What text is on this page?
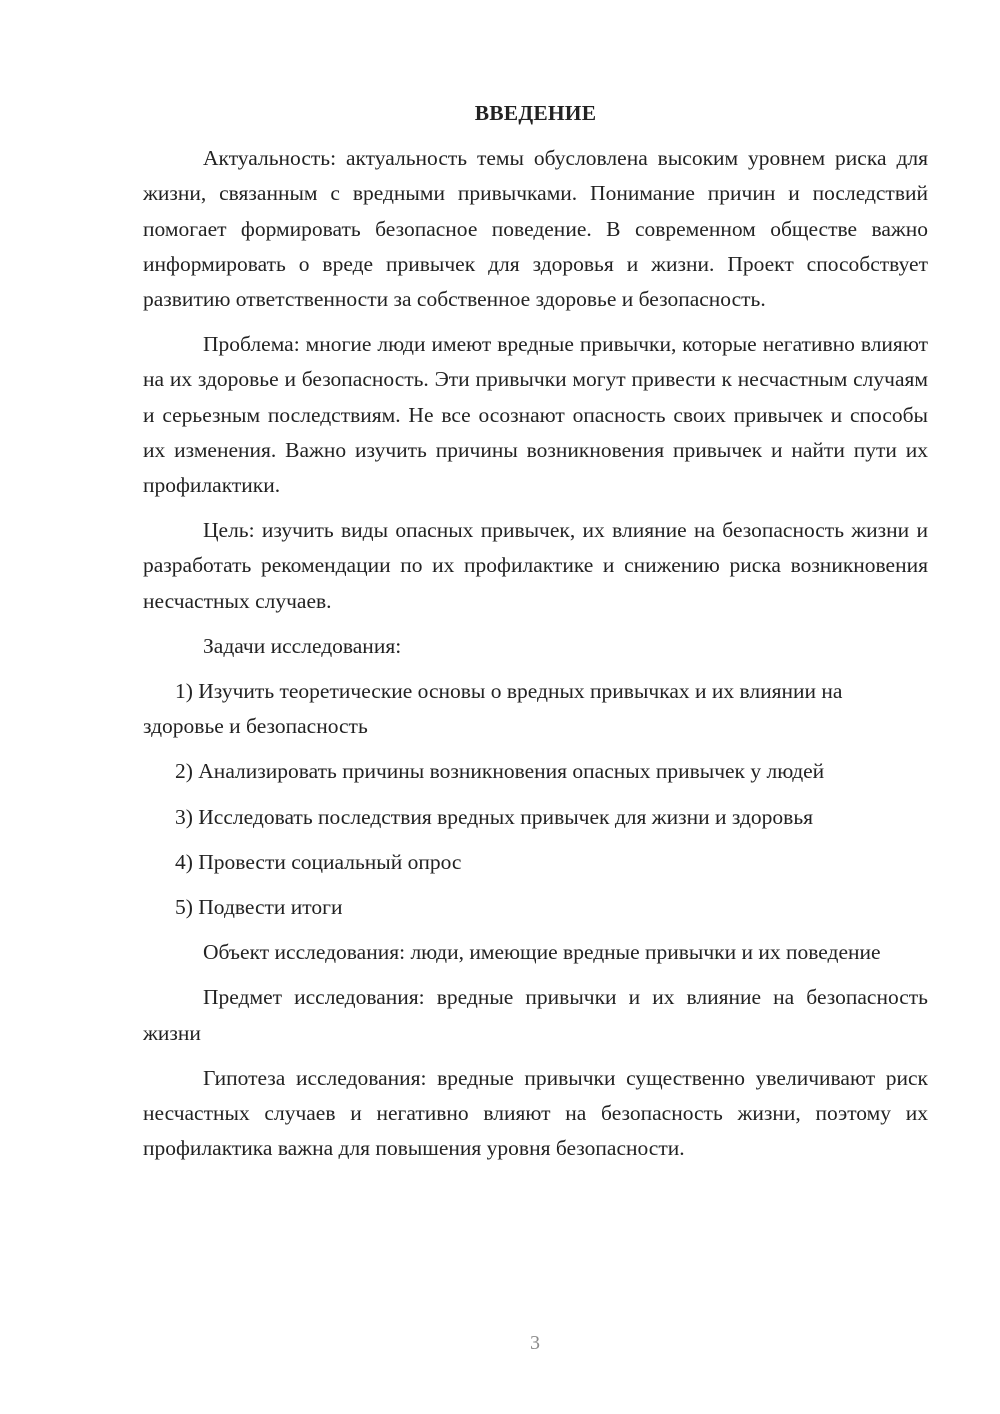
ВВЕДЕНИЕ

Актуальность: актуальность темы обусловлена высоким уровнем риска для жизни, связанным с вредными привычками. Понимание причин и последствий помогает формировать безопасное поведение. В современном обществе важно информировать о вреде привычек для здоровья и жизни. Проект способствует развитию ответственности за собственное здоровье и безопасность.

Проблема: многие люди имеют вредные привычки, которые негативно влияют на их здоровье и безопасность. Эти привычки могут привести к несчастным случаям и серьезным последствиям. Не все осознают опасность своих привычек и способы их изменения. Важно изучить причины возникновения привычек и найти пути их профилактики.

Цель: изучить виды опасных привычек, их влияние на безопасность жизни и разработать рекомендации по их профилактике и снижению риска возникновения несчастных случаев.

Задачи исследования:

1) Изучить теоретические основы о вредных привычках и их влиянии на здоровье и безопасность

2) Анализировать причины возникновения опасных привычек у людей

3) Исследовать последствия вредных привычек для жизни и здоровья

4) Провести социальный опрос

5) Подвести итоги

Объект исследования: люди, имеющие вредные привычки и их поведение

Предмет исследования: вредные привычки и их влияние на безопасность жизни

Гипотеза исследования: вредные привычки существенно увеличивают риск несчастных случаев и негативно влияют на безопасность жизни, поэтому их профилактика важна для повышения уровня безопасности.

3
